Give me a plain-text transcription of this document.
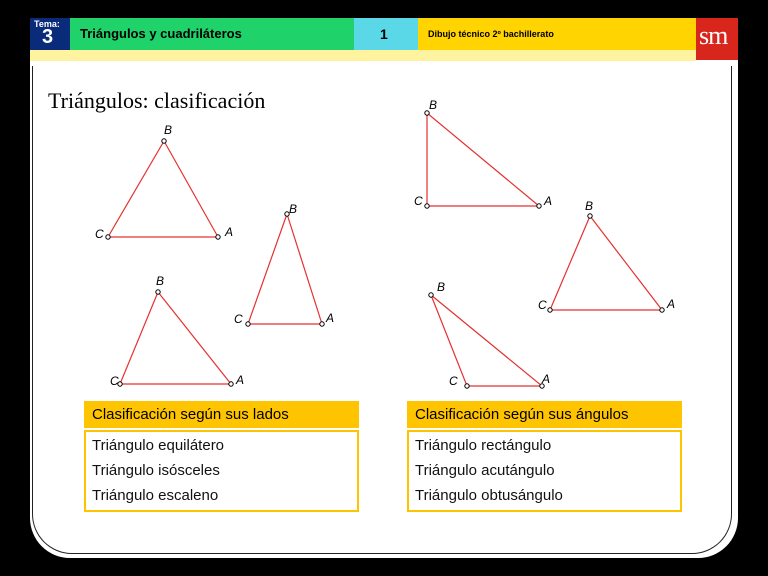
Tema:
3 Triángulos y cuadriláteros	1	Dibujo técnico 2º bachillerato	sm
Triángulos: clasificación
B
A
C
B
A
C
B
A
C
B
A
C	B
A
C
B
A
C
Clasificación según sus lados
Triángulo equilátero
Triángulo isósceles
Triángulo escaleno
Clasificación según sus ángulos
Triángulo rectángulo
Triángulo acutángulo
Triángulo obtusángulo
